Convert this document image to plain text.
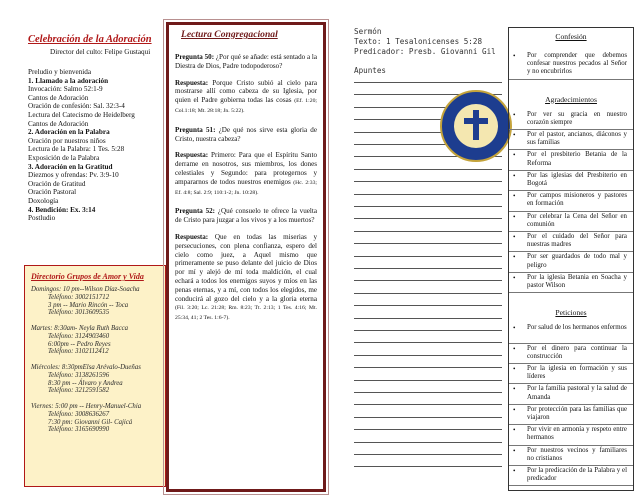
Celebración de la Adoración
Director del culto: Felipe Gustaqui
Preludio y bienvenida
1. Llamado a la adoración
Invocación: Salmo 52:1-9
Cantos de Adoración
Oración de confesión: Sal. 32:3-4
Lectura del Catecismo de Heidelberg
Cantos de Adoración
2. Adoración en la Palabra
Oración por nuestros niños
Lectura de la Palabra: 1 Tes. 5:28
Exposición de la Palabra
3. Adoración en la Gratitud
Diezmos y ofrendas: Pv. 3:9-10
Oración de Gratitud
Oración Pastoral
Doxología
4. Bendición: Ex. 3:14
Postludio
Directorio Grupos de Amor y Vida
Domingos: 10 pm--Wilson Díaz-Soacha
Teléfono: 3002151712
3 pm -- Mario Rincón -- Toca
Teléfono: 3013609535

Martes: 8:30am- Neyla Ruth Bacca
Teléfono: 3124903460
6:00pm -- Pedro Reyes
Teléfono: 3102112412

Miércoles: 8:30pmElsa Arévalo-Dueñas
Teléfono: 3138261596
8:30 pm -- Álvaro y Andrea
Teléfono: 3212591582

Viernes: 5:00 pm -- Henry-Manuel-Chia
Teléfono: 3008636267
7:30 pm: Giovanni Gil- Cajicá
Teléfono: 3165690990
Lectura Congregacional
Pregunta 50: ¿Por qué se añade: está sentado a la Diestra de Dios, Padre todopoderoso?
Respuesta: Porque Cristo subió al cielo para mostrarse allí como cabeza de su Iglesia, por quien el Padre gobierna todas las cosas (Ef. 1:20; Col.1:18; Mt. 28:18; Jn. 5:22).
Pregunta 51: ¿De qué nos sirve esta gloria de Cristo, nuestra cabeza?
Respuesta: Primero: Para que el Espíritu Santo derrame en nosotros, sus miembros, los dones celestiales y Segundo: para protegernos y ampararnos de todos nuestros enemigos (Hc. 2:33; Ef. 4:8; Sal. 2:9; 110:1-2; Jn. 10:28).
Pregunta 52: ¿Qué consuelo te ofrece la vuelta de Cristo para juzgar a los vivos y a los muertos?
Respuesta: Que en todas las miserias y persecuciones, con plena confianza, espero del cielo como juez, a Aquel mismo que primeramente se puso delante del juicio de Dios por mí y alejó de mí toda maldición, el cual echará a todos los enemigos suyos y míos en las penas eternas, y a mí, con todos los elegidos, me conducirá al gozo del cielo y a la gloria eterna (Fil. 3:20; Lc. 21:28; Rm. 8:23; Tt. 2:13; 1 Tes. 4:16; Mt. 25:34, 41; 2 Tes. 1:6-7).
Sermón
Texto: 1 Tesalonicenses 5:28
Predicador: Presb. Giovanni Gil
Apuntes
Confesión
• Por comprender que debemos confesar nuestros pecados al Señor y no encubrirlos
Agradecimientos
• Por ver su gracia en nuestro corazón siempre
• Por el pastor, ancianos, diáconos y sus familias
• Por el presbiterio Betania de la Reforma
• Por las iglesias del Presbiterio en Bogotá
• Por campos misioneros y pastores en formación
• Por celebrar la Cena del Señor en comunión
• Por el cuidado del Señor para nuestras madres
• Por ser guardados de todo mal y peligro
• Por la iglesia Betania en Soacha y pastor Wilson
Peticiones
• Por salud de los hermanos enfermos
• Por el dinero para continuar la construcción
• Por la iglesia en formación y sus líderes
• Por la familia pastoral y la salud de Amanda
• Por protección para las familias que viajaron
• Por vivir en armonía y respeto entre hermanos
• Por nuestros vecinos y familiares no cristianos
• Por la predicación de la Palabra y el predicador
